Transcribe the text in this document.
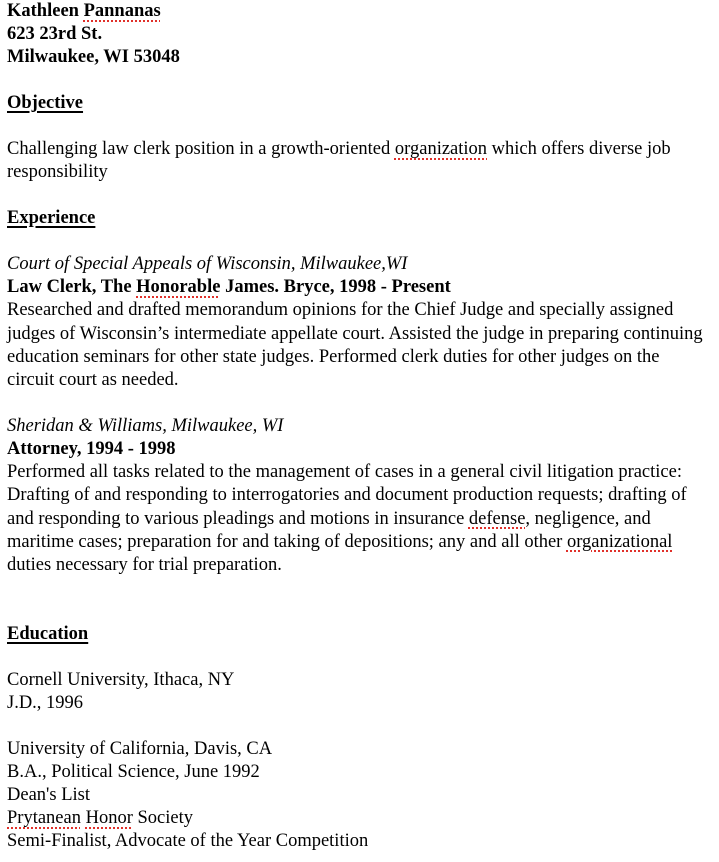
Kathleen Pannanas
623 23rd St.
Milwaukee, WI 53048
Objective
Challenging law clerk position in a growth-oriented organization which offers diverse job responsibility
Experience
Court of Special Appeals of Wisconsin, Milwaukee,WI
Law Clerk, The Honorable James. Bryce, 1998 - Present
Researched and drafted memorandum opinions for the Chief Judge and specially assigned judges of Wisconsin’s intermediate appellate court. Assisted the judge in preparing continuing education seminars for other state judges. Performed clerk duties for other judges on the circuit court as needed.
Sheridan & Williams, Milwaukee, WI
Attorney, 1994 - 1998
Performed all tasks related to the management of cases in a general civil litigation practice: Drafting of and responding to interrogatories and document production requests; drafting of and responding to various pleadings and motions in insurance defense, negligence, and maritime cases; preparation for and taking of depositions; any and all other organizational duties necessary for trial preparation.
Education
Cornell University, Ithaca, NY
J.D., 1996
University of California, Davis, CA
B.A., Political Science, June 1992
Dean's List
Prytanean Honor Society
Semi-Finalist, Advocate of the Year Competition
